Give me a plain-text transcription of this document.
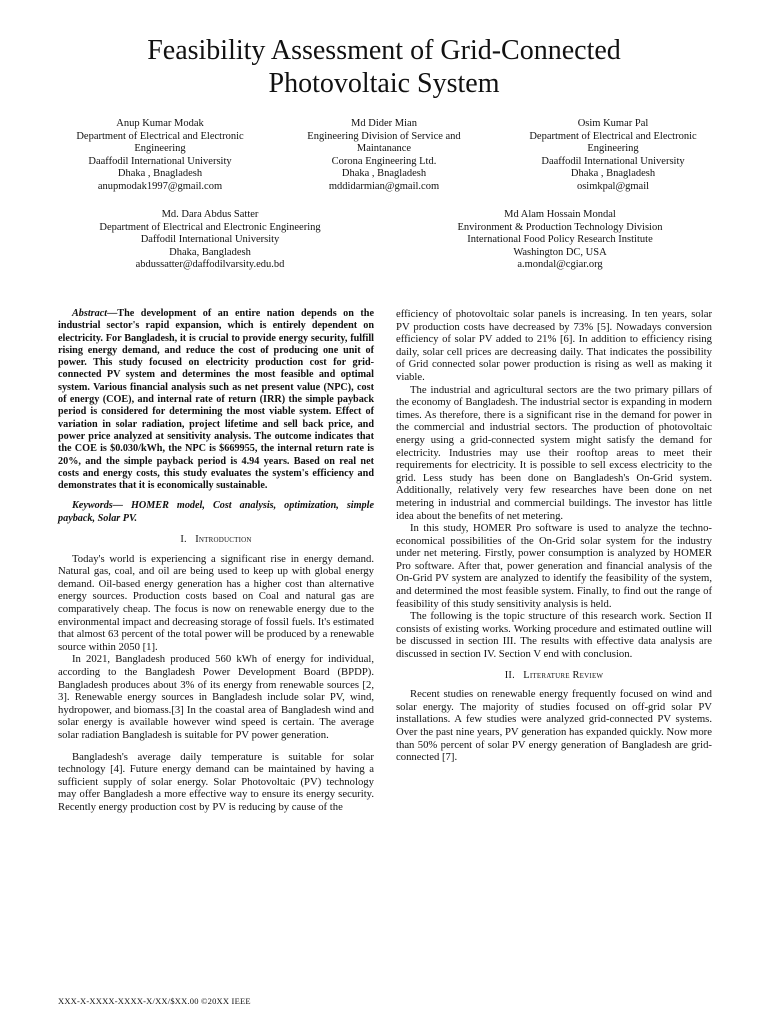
Feasibility Assessment of Grid-Connected
Photovoltaic System
Anup Kumar Modak
Department of Electrical and Electronic
Engineering
Daaffodil International University
Dhaka , Bnagladesh
anupmodak1997@gmail.com
Md Dider Mian
Engineering Division of Service and
Maintanance
Corona Engineering Ltd.
Dhaka , Bnagladesh
mddidarmian@gmail.com
Osim Kumar Pal
Department of Electrical and Electronic
Engineering
Daaffodil International University
Dhaka , Bnagladesh
osimkpal@gmail
Md. Dara Abdus Satter
Department of Electrical and Electronic Engineering
Daffodil International University
Dhaka, Bangladesh
abdussatter@daffodilvarsity.edu.bd
Md Alam Hossain Mondal
Environment & Production Technology Division
International Food Policy Research Institute
Washington DC, USA
a.mondal@cgiar.org

Abstract—The development of an entire nation depends on the industrial sector's rapid expansion, which is entirely dependent on electricity. For Bangladesh, it is crucial to provide energy security, fulfill rising energy demand, and reduce the cost of producing one unit of power. This study focused on electricity production cost for grid-connected PV system and determines the most feasible and optimal system. Various financial analysis such as net present value (NPC), cost of energy (COE), and internal rate of return (IRR) the simple payback period is considered for determining the most viable system. Effect of variation in solar radiation, project lifetime and sell back price, and power price analyzed at sensitivity analysis. The outcome indicates that the COE is $0.030/kWh, the NPC is $669955, the internal return rate is 20%, and the simple payback period is 4.94 years. Based on real net costs and energy costs, this study evaluates the system's efficiency and demonstrates that it is economically sustainable.

Keywords— HOMER model, Cost analysis, optimization, simple payback, Solar PV.

I. Introduction

Today's world is experiencing a significant rise in energy demand. Natural gas, coal, and oil are being used to keep up with global energy demand. Oil-based energy generation has a higher cost than alternative energy sources. Production costs based on Coal and natural gas are comparatively cheap. The focus is now on renewable energy due to the environmental impact and decreasing storage of fossil fuels. It's estimated that almost 63 percent of the total power will be produced by a renewable source within 2050 [1].

In 2021, Bangladesh produced 560 kWh of energy for individual, according to the Bangladesh Power Development Board (BPDP). Bangladesh produces about 3% of its energy from renewable sources [2, 3]. Renewable energy sources in Bangladesh include solar PV, wind, hydropower, and biomass.[3] In the coastal area of Bangladesh wind and solar energy is available however wind speed is certain. The average solar radiation Bangladesh is suitable for PV power generation.

Bangladesh's average daily temperature is suitable for solar technology [4]. Future energy demand can be maintained by having a sufficient supply of solar energy. Solar Photovoltaic (PV) technology may offer Bangladesh a more effective way to ensure its energy security. Recently energy production cost by PV is reducing by cause of the

efficiency of photovoltaic solar panels is increasing. In ten years, solar PV production costs have decreased by 73% [5]. Nowadays conversion efficiency of solar PV added to 21% [6]. In addition to efficiency rising daily, solar cell prices are decreasing daily. That indicates the possibility of Grid connected solar power production is rising as well as making it viable.

The industrial and agricultural sectors are the two primary pillars of the economy of Bangladesh. The industrial sector is expanding in modern times. As therefore, there is a significant rise in the demand for power in the commercial and industrial sectors. The production of photovoltaic energy using a grid-connected system might satisfy the demand for electricity. Industries may use their rooftop areas to meet their requirements for electricity. It is possible to sell excess electricity to the grid. Less study has been done on Bangladesh's On-Grid system. Additionally, relatively very few researches have been done on net metering in industrial and commercial buildings. The investor has little idea about the benefits of net metering.

In this study, HOMER Pro software is used to analyze the techno-economical possibilities of the On-Grid solar system for the industry under net metering. Firstly, power consumption is analyzed by HOMER Pro software. After that, power generation and financial analysis of the On-Grid PV system are analyzed to identify the feasibility of the system, and determined the most feasible system. Finally, to find out the range of feasibility of this study sensitivity analysis is held.

The following is the topic structure of this research work. Section II consists of existing works. Working procedure and estimated outline will be discussed in section III. The results with effective data analysis are discussed in section IV. Section V end with conclusion.

II. Literature Review

Recent studies on renewable energy frequently focused on wind and solar energy. The majority of studies focused on off-grid solar PV installations. A few studies were analyzed grid-connected PV systems. Over the past nine years, PV generation has expanded quickly. Now more than 50% percent of solar PV energy generation of Bangladesh are grid-connected [7].

XXX-X-XXXX-XXXX-X/XX/$XX.00 ©20XX IEEE
